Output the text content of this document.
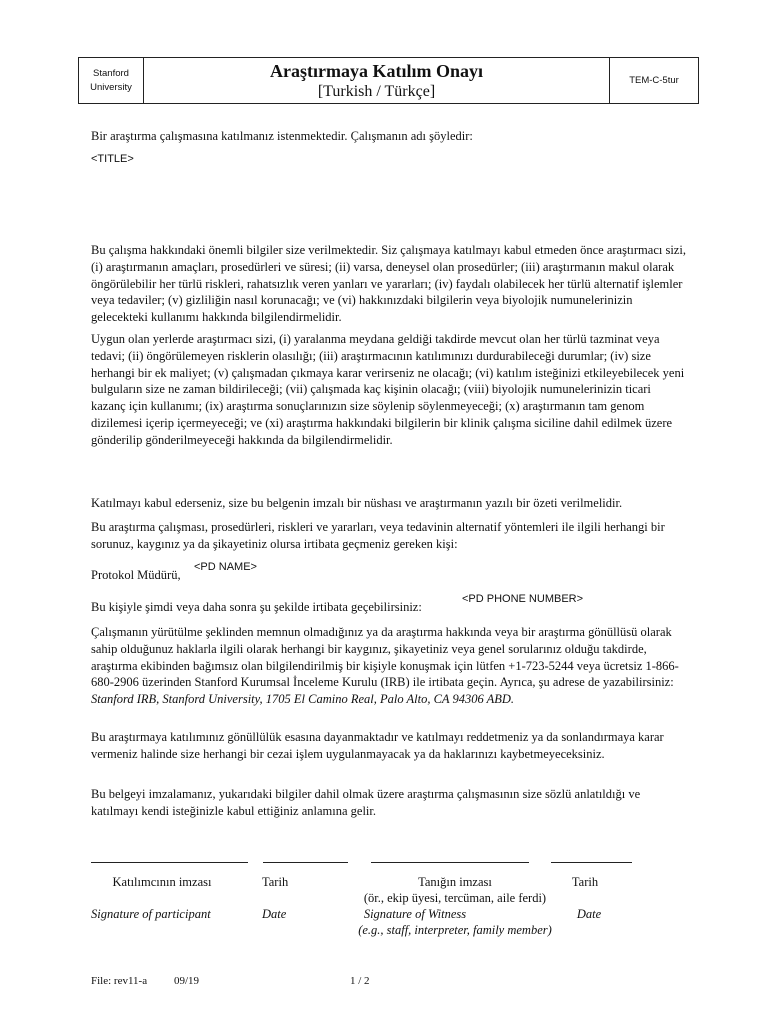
Stanford
University
Araştırmaya Katılım Onayı
[Turkish / Türkçe]
TEM-C-5tur
Bir araştırma çalışmasına katılmanız istenmektedir. Çalışmanın adı şöyledir:
<TITLE>
Bu çalışma hakkındaki önemli bilgiler size verilmektedir. Siz çalışmaya katılmayı kabul etmeden önce araştırmacı sizi, (i) araştırmanın amaçları, prosedürleri ve süresi; (ii) varsa, deneysel olan prosedürler; (iii) araştırmanın makul olarak öngörülebilir her türlü riskleri, rahatsızlık veren yanları ve yararları; (iv) faydalı olabilecek her türlü alternatif işlemler veya tedaviler; (v) gizliliğin nasıl korunacağı; ve (vi) hakkınızdaki bilgilerin veya biyolojik numunelerinizin gelecekteki kullanımı hakkında bilgilendirmelidir.
Uygun olan yerlerde araştırmacı sizi, (i) yaralanma meydana geldiği takdirde mevcut olan her türlü tazminat veya tedavi; (ii) öngörülemeyen risklerin olasılığı; (iii) araştırmacının katılımınızı durdurabileceği durumlar; (iv) size herhangi bir ek maliyet; (v) çalışmadan çıkmaya karar verirseniz ne olacağı; (vi) katılım isteğinizi etkileyebilecek yeni bulguların size ne zaman bildirileceği; (vii) çalışmada kaç kişinin olacağı; (viii) biyolojik numunelerinizin ticari kazanç için kullanımı; (ix) araştırma sonuçlarınızın size söylenip söylenmeyeceği; (x) araştırmanın tam genom dizilemesi içerip içermeyeceği; ve (xi) araştırma hakkındaki bilgilerin bir klinik çalışma siciline dahil edilmek üzere gönderilip gönderilmeyeceği hakkında da bilgilendirmelidir.
Katılmayı kabul ederseniz, size bu belgenin imzalı bir nüshası ve araştırmanın yazılı bir özeti verilmelidir.
Bu araştırma çalışması, prosedürleri, riskleri ve yararları, veya tedavinin alternatif yöntemleri ile ilgili herhangi bir sorunuz, kaygınız ya da şikayetiniz olursa irtibata geçmeniz gereken kişi:
Protokol Müdürü,
<PD NAME>
Bu kişiyle şimdi veya daha sonra şu şekilde irtibata geçebilirsiniz:
<PD PHONE NUMBER>
Çalışmanın yürütülme şeklinden memnun olmadığınız ya da araştırma hakkında veya bir araştırma gönüllüsü olarak sahip olduğunuz haklarla ilgili olarak herhangi bir kaygınız, şikayetiniz veya genel sorularınız olduğu takdirde, araştırma ekibinden bağımsız olan bilgilendirilmiş bir kişiyle konuşmak için lütfen +1-723-5244 veya ücretsiz 1-866-680-2906 üzerinden Stanford Kurumsal İnceleme Kurulu (IRB) ile irtibata geçin. Ayrıca, şu adrese de yazabilirsiniz: Stanford IRB, Stanford University, 1705 El Camino Real, Palo Alto, CA 94306 ABD.
Bu araştırmaya katılımınız gönüllülük esasına dayanmaktadır ve katılmayı reddetmeniz ya da sonlandırmaya karar vermeniz halinde size herhangi bir cezai işlem uygulanmayacak ya da haklarınızı kaybetmeyeceksiniz.
Bu belgeyi imzalamanız, yukarıdaki bilgiler dahil olmak üzere araştırma çalışmasının size sözlü anlatıldığı ve katılmayı kendi isteğinizle kabul ettiğiniz anlamına gelir.
Katılımcının imzası	Tarih	Tanığın imzası	Tarih
(ör., ekip üyesi, tercüman, aile ferdi)
Signature of participant	Date	Signature of Witness	Date
(e.g., staff, interpreter, family member)
File: rev11-a 09/19	1 / 2
